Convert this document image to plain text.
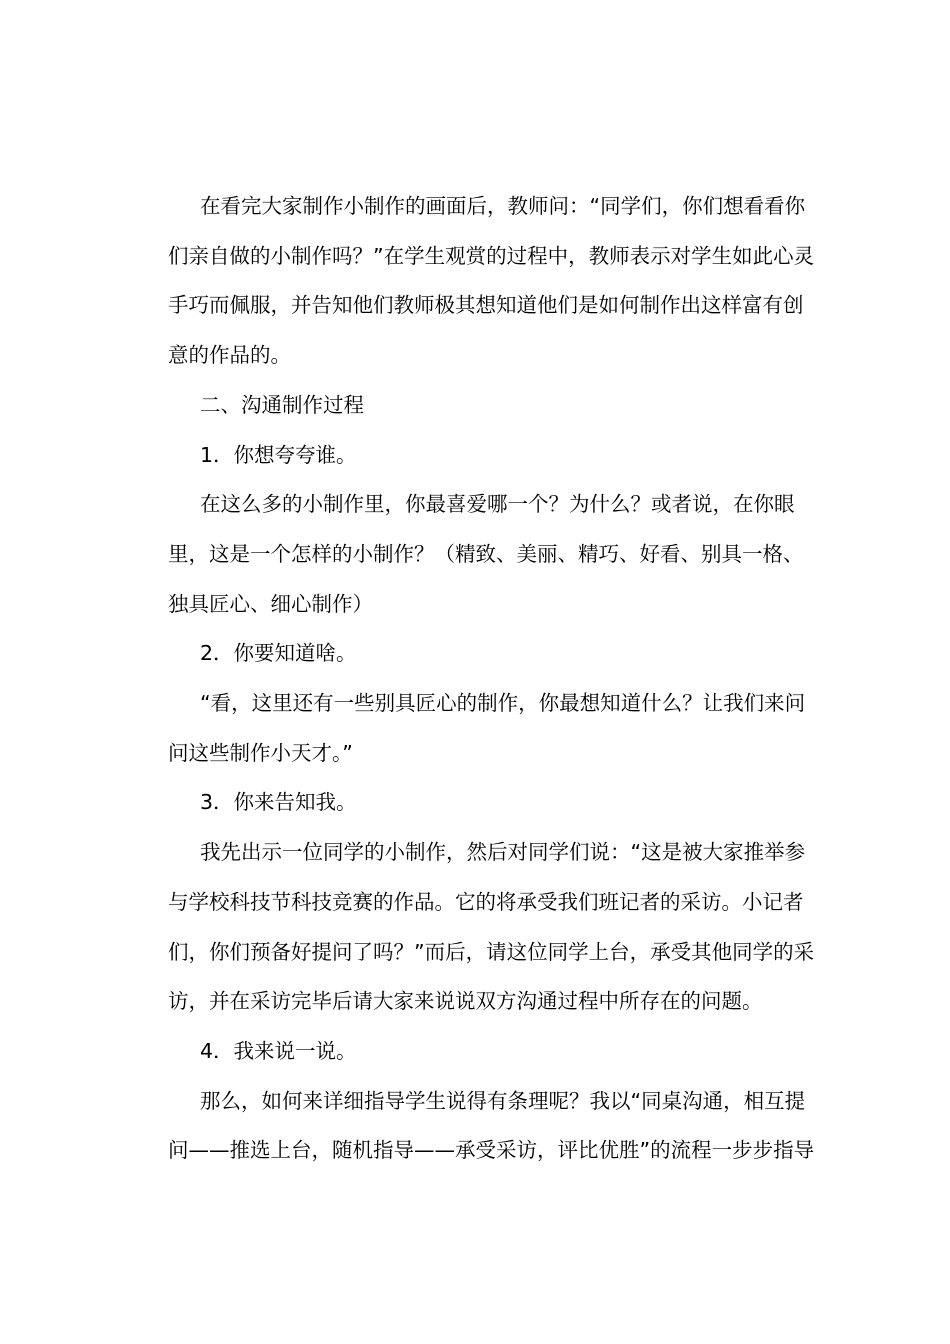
在看完大家制作小制作的画面后，教师问：“同学们，你们想看看你
们亲自做的小制作吗？”在学生观赏的过程中，教师表示对学生如此心灵
手巧而佩服，并告知他们教师极其想知道他们是如何制作出这样富有创
意的作品的。
二、沟通制作过程
1．你想夸夸谁。
在这么多的小制作里，你最喜爱哪一个？为什么？或者说，在你眼
里，这是一个怎样的小制作？（精致、美丽、精巧、好看、别具一格、
独具匠心、细心制作）
2．你要知道啥。
“看，这里还有一些别具匠心的制作，你最想知道什么？让我们来问
问这些制作小天才。”
3．你来告知我。
我先出示一位同学的小制作，然后对同学们说：“这是被大家推举参
与学校科技节科技竞赛的作品。它的将承受我们班记者的采访。小记者
们，你们预备好提问了吗？”而后，请这位同学上台，承受其他同学的采
访，并在采访完毕后请大家来说说双方沟通过程中所存在的问题。
4．我来说一说。
那么，如何来详细指导学生说得有条理呢？我以“同桌沟通，相互提
问——推选上台，随机指导——承受采访，评比优胜”的流程一步步指导
